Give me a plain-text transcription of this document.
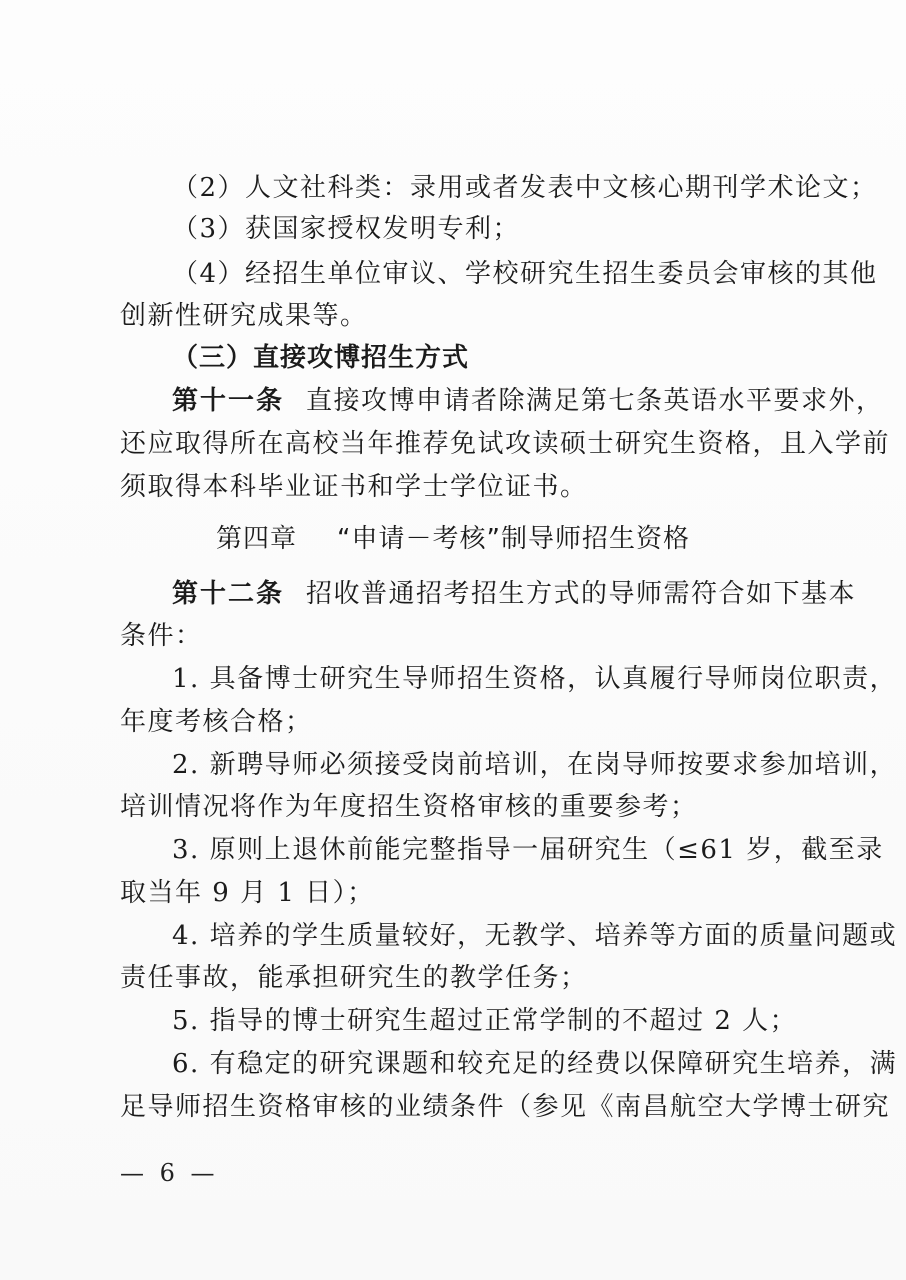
（2）人文社科类：录用或者发表中文核心期刊学术论文；
（3）获国家授权发明专利；
（4）经招生单位审议、学校研究生招生委员会审核的其他
创新性研究成果等。
（三）直接攻博招生方式
第十一条 直接攻博申请者除满足第七条英语水平要求外，
还应取得所在高校当年推荐免试攻读硕士研究生资格，且入学前
须取得本科毕业证书和学士学位证书。
第四章 “申请－考核”制导师招生资格
第十二条 招收普通招考招生方式的导师需符合如下基本
条件：
1. 具备博士研究生导师招生资格，认真履行导师岗位职责，
年度考核合格；
2. 新聘导师必须接受岗前培训，在岗导师按要求参加培训，
培训情况将作为年度招生资格审核的重要参考；
3. 原则上退休前能完整指导一届研究生（≤61 岁，截至录
取当年 9 月 1 日）；
4. 培养的学生质量较好，无教学、培养等方面的质量问题或
责任事故，能承担研究生的教学任务；
5. 指导的博士研究生超过正常学制的不超过 2 人；
6. 有稳定的研究课题和较充足的经费以保障研究生培养，满
足导师招生资格审核的业绩条件（参见《南昌航空大学博士研究
— 6 —
